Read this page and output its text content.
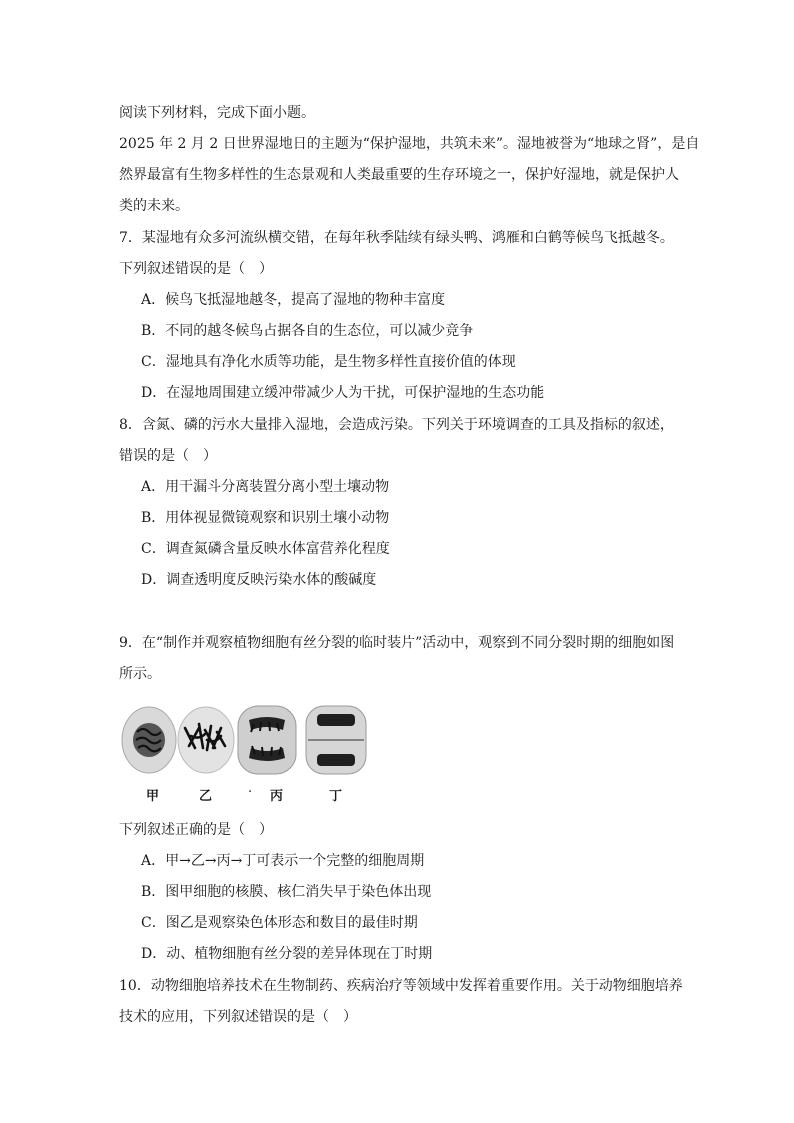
阅读下列材料，完成下面小题。
2025 年 2 月 2 日世界湿地日的主题为“保护湿地，共筑未来”。湿地被誉为“地球之肾”，是自
然界最富有生物多样性的生态景观和人类最重要的生存环境之一，保护好湿地，就是保护人
类的未来。
7．某湿地有众多河流纵横交错，在每年秋季陆续有绿头鸭、鸿雁和白鹤等候鸟飞抵越冬。
下列叙述错误的是（　）
A．候鸟飞抵湿地越冬，提高了湿地的物种丰富度
B．不同的越冬候鸟占据各自的生态位，可以减少竞争
C．湿地具有净化水质等功能，是生物多样性直接价值的体现
D．在湿地周围建立缓冲带减少人为干扰，可保护湿地的生态功能
8．含氮、磷的污水大量排入湿地，会造成污染。下列关于环境调查的工具及指标的叙述，
错误的是（　）
A．用干漏斗分离装置分离小型土壤动物
B．用体视显微镜观察和识别土壤小动物
C．调查氮磷含量反映水体富营养化程度
D．调查透明度反映污染水体的酸碱度
9．在“制作并观察植物细胞有丝分裂的临时装片”活动中，观察到不同分裂时期的细胞如图
所示。
甲	乙	· 丙	丁
下列叙述正确的是（　）
A．甲→乙→丙→丁可表示一个完整的细胞周期
B．图甲细胞的核膜、核仁消失早于染色体出现
C．图乙是观察染色体形态和数目的最佳时期
D．动、植物细胞有丝分裂的差异体现在丁时期
10．动物细胞培养技术在生物制药、疾病治疗等领域中发挥着重要作用。关于动物细胞培养
技术的应用，下列叙述错误的是（　）
